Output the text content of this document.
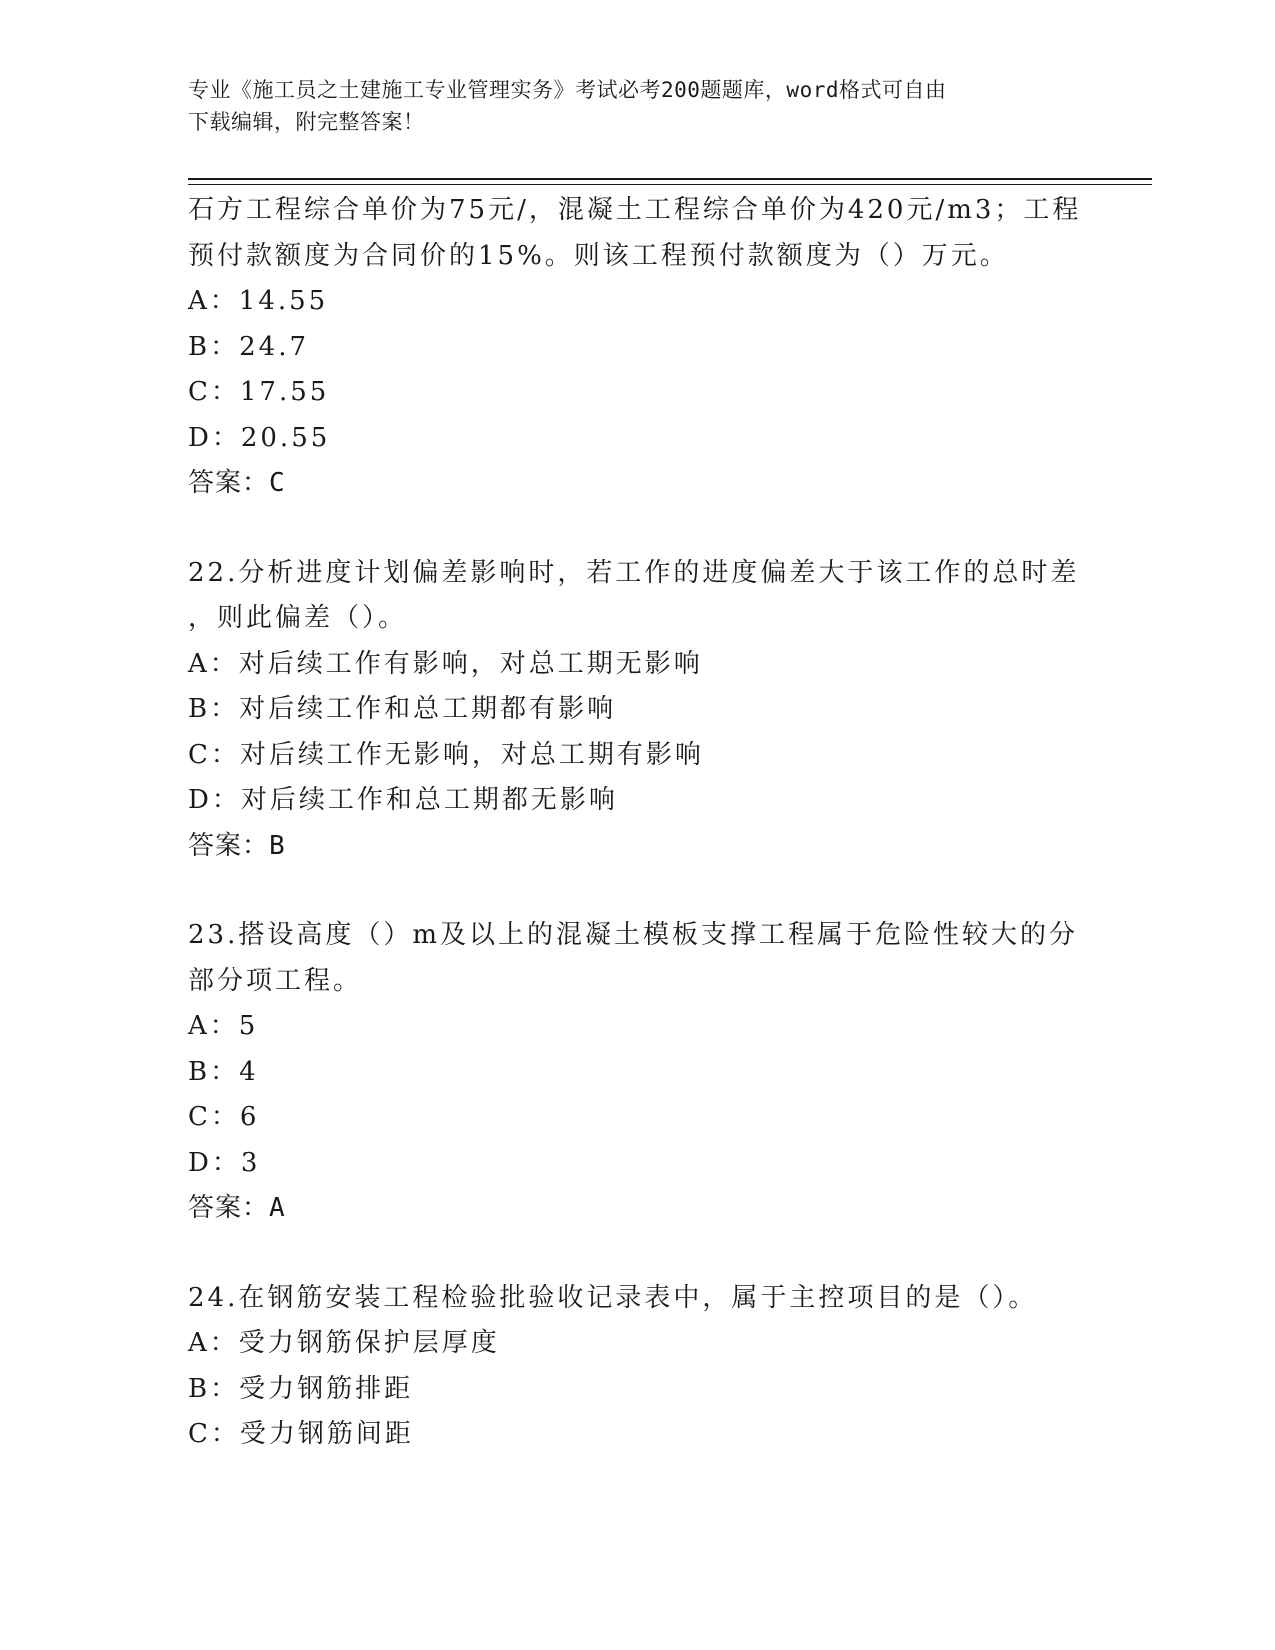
专业《施工员之土建施工专业管理实务》考试必考200题题库，word格式可自由
下载编辑，附完整答案！
石方工程综合单价为75元/，混凝土工程综合单价为420元/m3；工程
预付款额度为合同价的15%。则该工程预付款额度为（）万元。
A：14.55
B：24.7
C：17.55
D：20.55
答案：C
22.分析进度计划偏差影响时，若工作的进度偏差大于该工作的总时差
，则此偏差（）。
A：对后续工作有影响，对总工期无影响
B：对后续工作和总工期都有影响
C：对后续工作无影响，对总工期有影响
D：对后续工作和总工期都无影响
答案：B
23.搭设高度（）m及以上的混凝土模板支撑工程属于危险性较大的分
部分项工程。
A：5
B：4
C：6
D：3
答案：A
24.在钢筋安装工程检验批验收记录表中，属于主控项目的是（）。
A：受力钢筋保护层厚度
B：受力钢筋排距
C：受力钢筋间距
